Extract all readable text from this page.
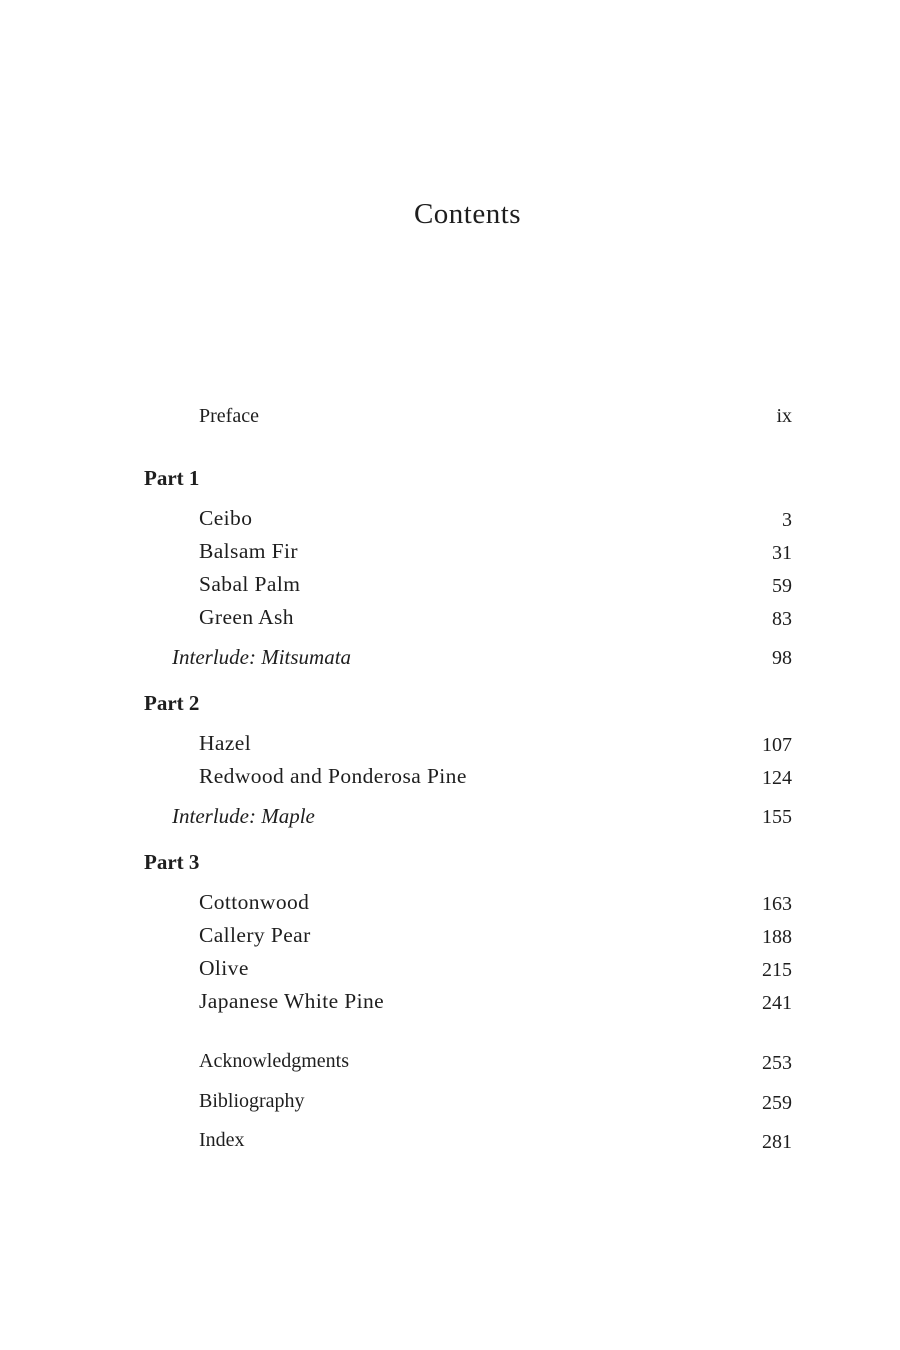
Contents
Preface	ix
Part 1
Ceibo	3
Balsam Fir	31
Sabal Palm	59
Green Ash	83
Interlude: Mitsumata	98
Part 2
Hazel	107
Redwood and Ponderosa Pine	124
Interlude: Maple	155
Part 3
Cottonwood	163
Callery Pear	188
Olive	215
Japanese White Pine	241
Acknowledgments	253
Bibliography	259
Index	281
